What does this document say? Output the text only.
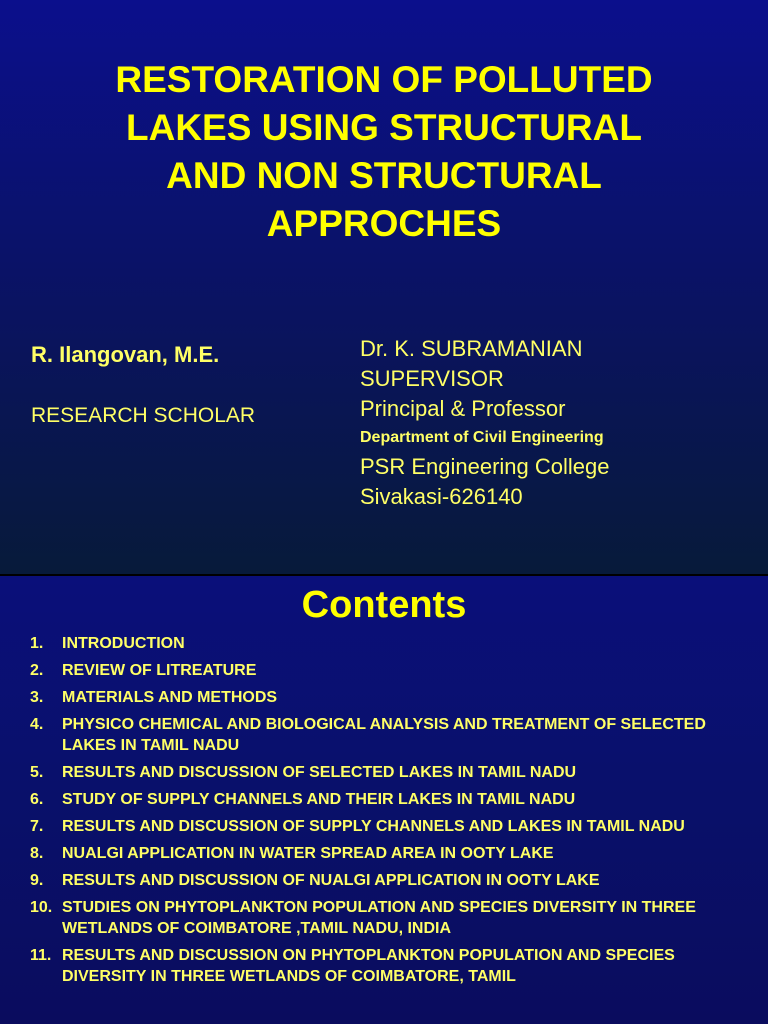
RESTORATION OF POLLUTED
LAKES USING STRUCTURAL
AND NON STRUCTURAL
APPROCHES
R. Ilangovan, M.E.
RESEARCH SCHOLAR
Dr. K. SUBRAMANIAN
SUPERVISOR
Principal & Professor
Department of Civil Engineering
PSR Engineering College
Sivakasi-626140
Contents
1.	INTRODUCTION
2.	REVIEW OF LITREATURE
3.	MATERIALS AND METHODS
4.	PHYSICO CHEMICAL AND BIOLOGICAL ANALYSIS AND TREATMENT OF SELECTED LAKES IN TAMIL NADU
5.	RESULTS AND DISCUSSION OF SELECTED LAKES IN TAMIL NADU
6.	STUDY OF SUPPLY CHANNELS AND THEIR LAKES IN TAMIL NADU
7.	RESULTS AND DISCUSSION OF SUPPLY CHANNELS AND LAKES IN TAMIL NADU
8.	NUALGI APPLICATION IN WATER SPREAD AREA IN OOTY LAKE
9.	RESULTS AND DISCUSSION OF NUALGI APPLICATION IN OOTY LAKE
10. STUDIES ON PHYTOPLANKTON POPULATION AND SPECIES DIVERSITY IN THREE WETLANDS OF COIMBATORE ,TAMIL NADU, INDIA
11. RESULTS AND DISCUSSION ON PHYTOPLANKTON POPULATION AND SPECIES DIVERSITY IN THREE WETLANDS OF COIMBATORE, TAMIL
